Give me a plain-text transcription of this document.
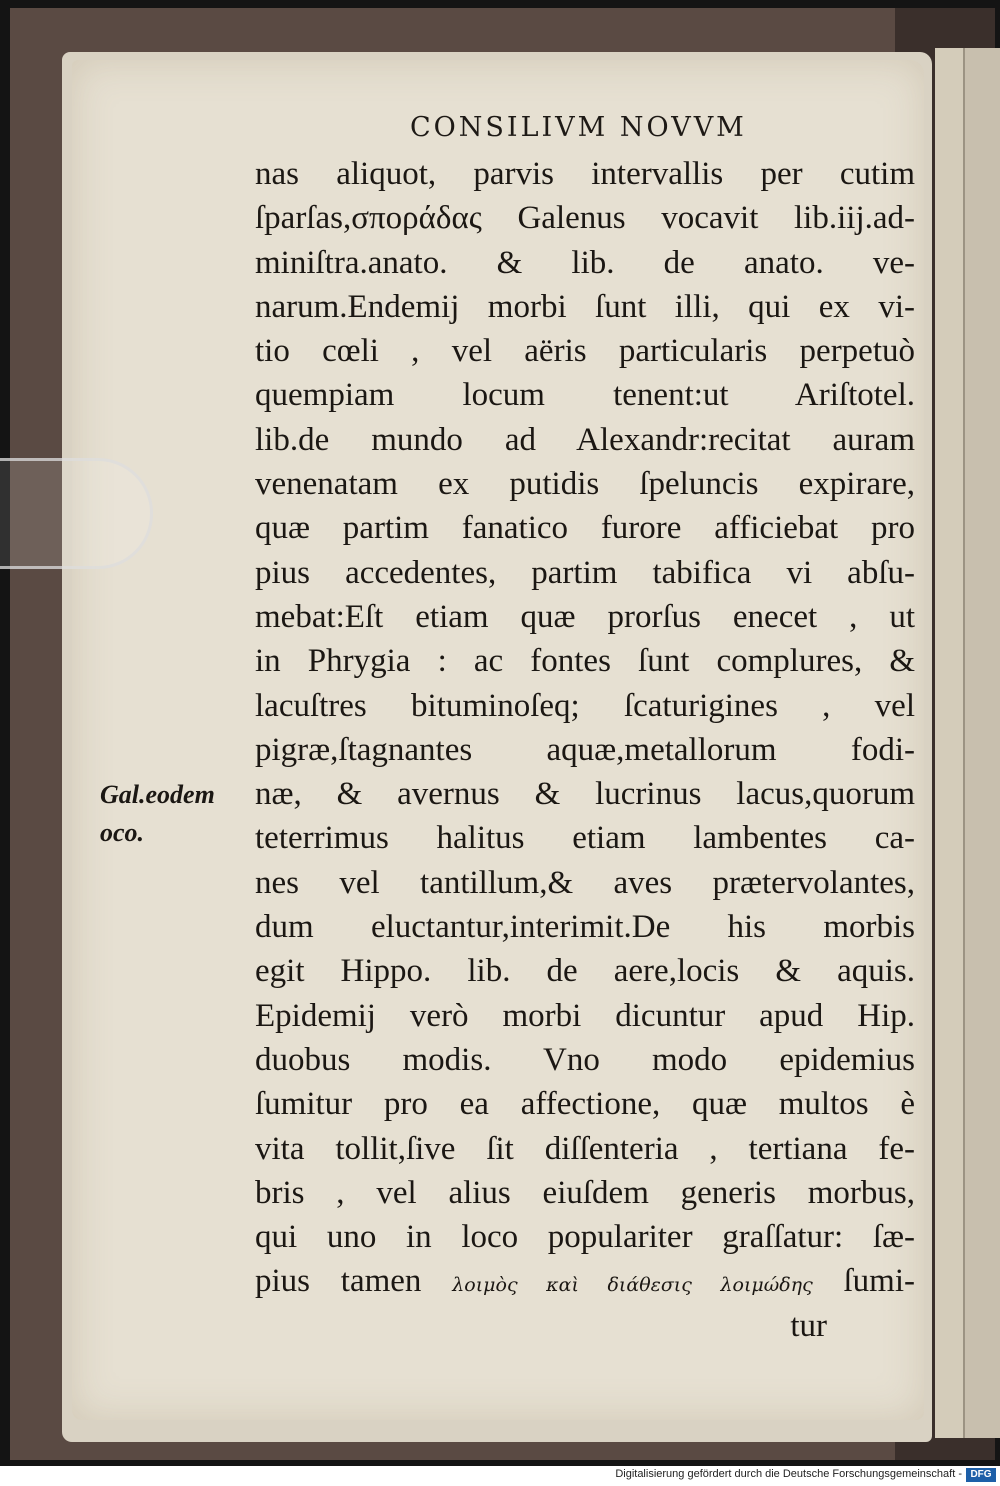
CONSILIVM NOVVM
Gal.eodem
oco.
nas aliquot, parvis intervallis per cutim
ſparſas,σποράδας Galenus vocavit lib.iij.ad-
miniſtra.anato. & lib. de anato. ve-
narum.Endemij morbi ſunt illi, qui ex vi-
tio cœli , vel aëris particularis perpetuò
quempiam locum tenent:ut Ariſtotel.
lib.de mundo ad Alexandr:recitat auram
venenatam ex putidis ſpeluncis expirare,
quæ partim fanatico furore afficiebat pro
pius accedentes, partim tabifica vi abſu-
mebat:Eſt etiam quæ prorſus enecet , ut
in Phrygia : ac fontes ſunt complures, &
lacuſtres bituminoſeq; ſcaturigines , vel
pigræ,ſtagnantes aquæ,metallorum fodi-
næ, & avernus & lucrinus lacus,quorum
teterrimus halitus etiam lambentes ca-
nes vel tantillum,& aves prætervolantes,
dum eluctantur,interimit.De his morbis
egit Hippo. lib. de aere,locis & aquis.
Epidemij verò morbi dicuntur apud Hip.
duobus modis. Vno modo epidemius
ſumitur pro ea affectione, quæ multos è
vita tollit,ſive ſit diſſenteria , tertiana fe-
bris , vel alius eiuſdem generis morbus,
qui uno in loco populariter graſſatur: ſæ-
pius tamen λοιμὸς καὶ διάθεσις λοιμώδης ſumi-
tur
Digitalisierung gefördert durch die Deutsche Forschungsgemeinschaft - DFG
